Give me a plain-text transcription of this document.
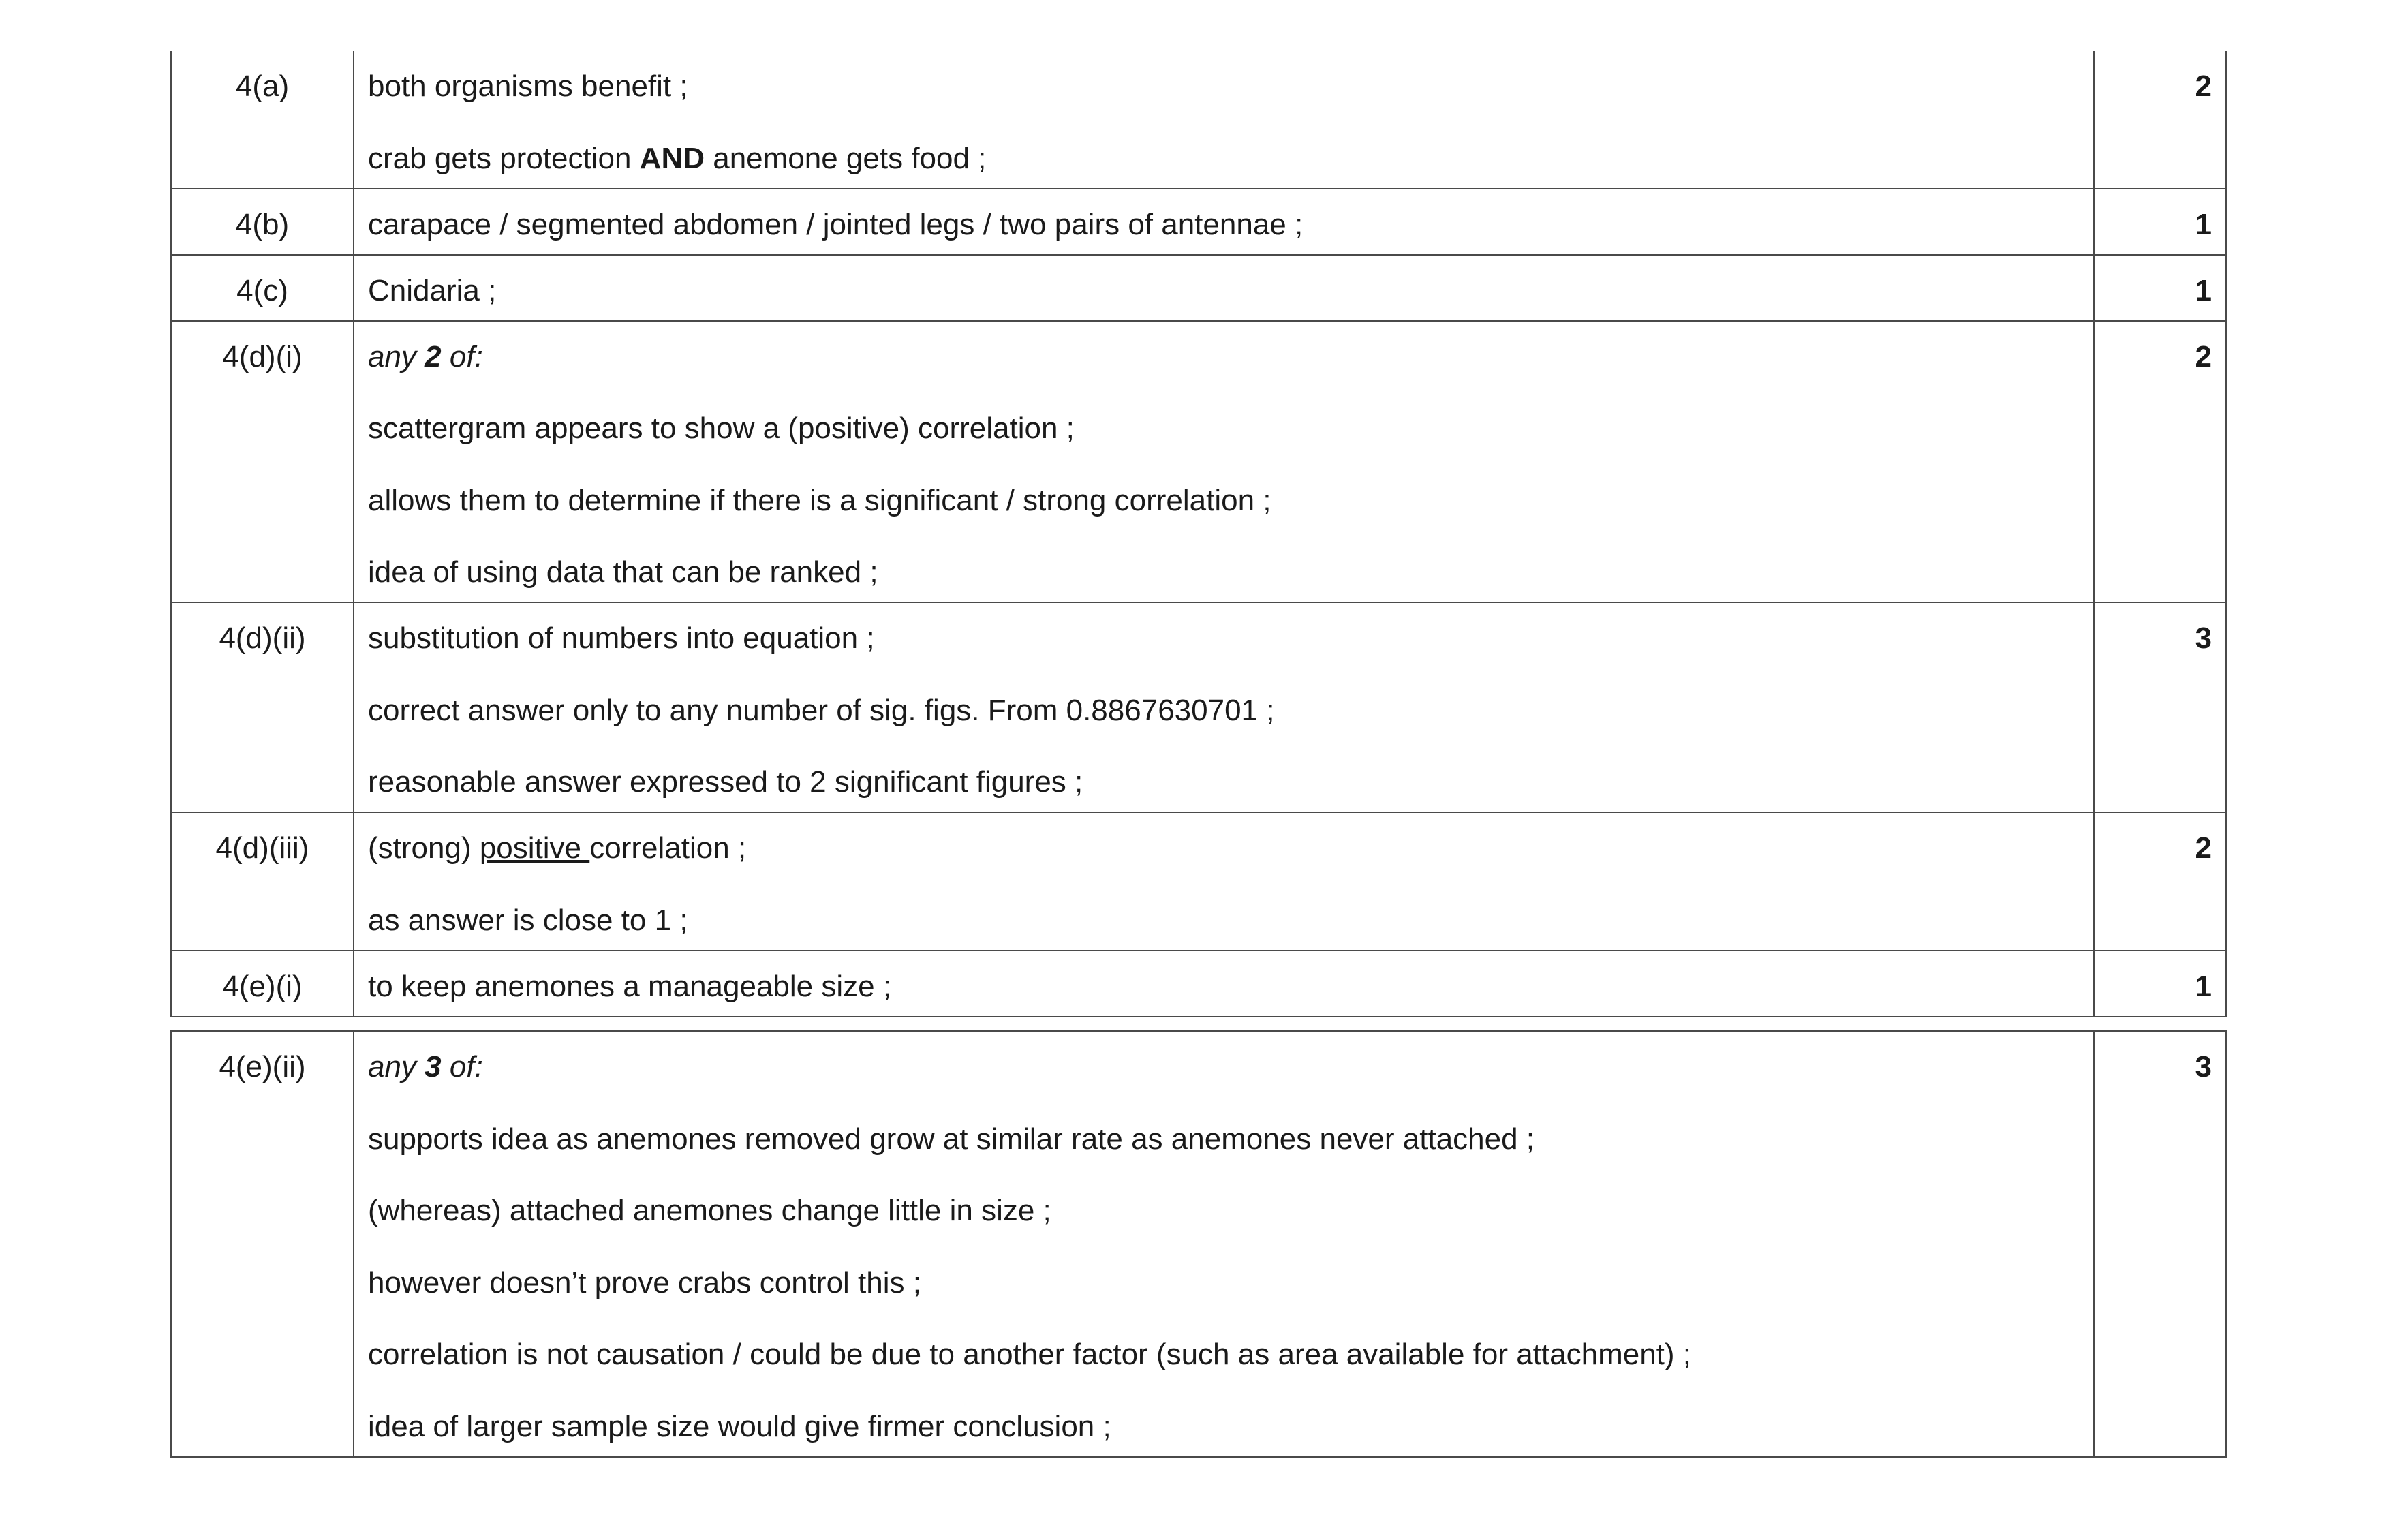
4(a)	both organisms benefit ;
crab gets protection AND anemone gets food ;	2
4(b)	carapace / segmented abdomen / jointed legs / two pairs of antennae ;	1
4(c)	Cnidaria ;	1
4(d)(i)	any 2 of:
scattergram appears to show a (positive) correlation ;
allows them to determine if there is a significant / strong correlation ;
idea of using data that can be ranked ;	2
4(d)(ii)	substitution of numbers into equation ;
correct answer only to any number of sig. figs. From 0.8867630701 ;
reasonable answer expressed to 2 significant figures ;	3
4(d)(iii)	(strong) positive correlation ;
as answer is close to 1 ;	2
4(e)(i)	to keep anemones a manageable size ;	1
4(e)(ii)	any 3 of:
supports idea as anemones removed grow at similar rate as anemones never attached ;
(whereas) attached anemones change little in size ;
however doesn’t prove crabs control this ;
correlation is not causation / could be due to another factor (such as area available for attachment) ;
idea of larger sample size would give firmer conclusion ;
	3
